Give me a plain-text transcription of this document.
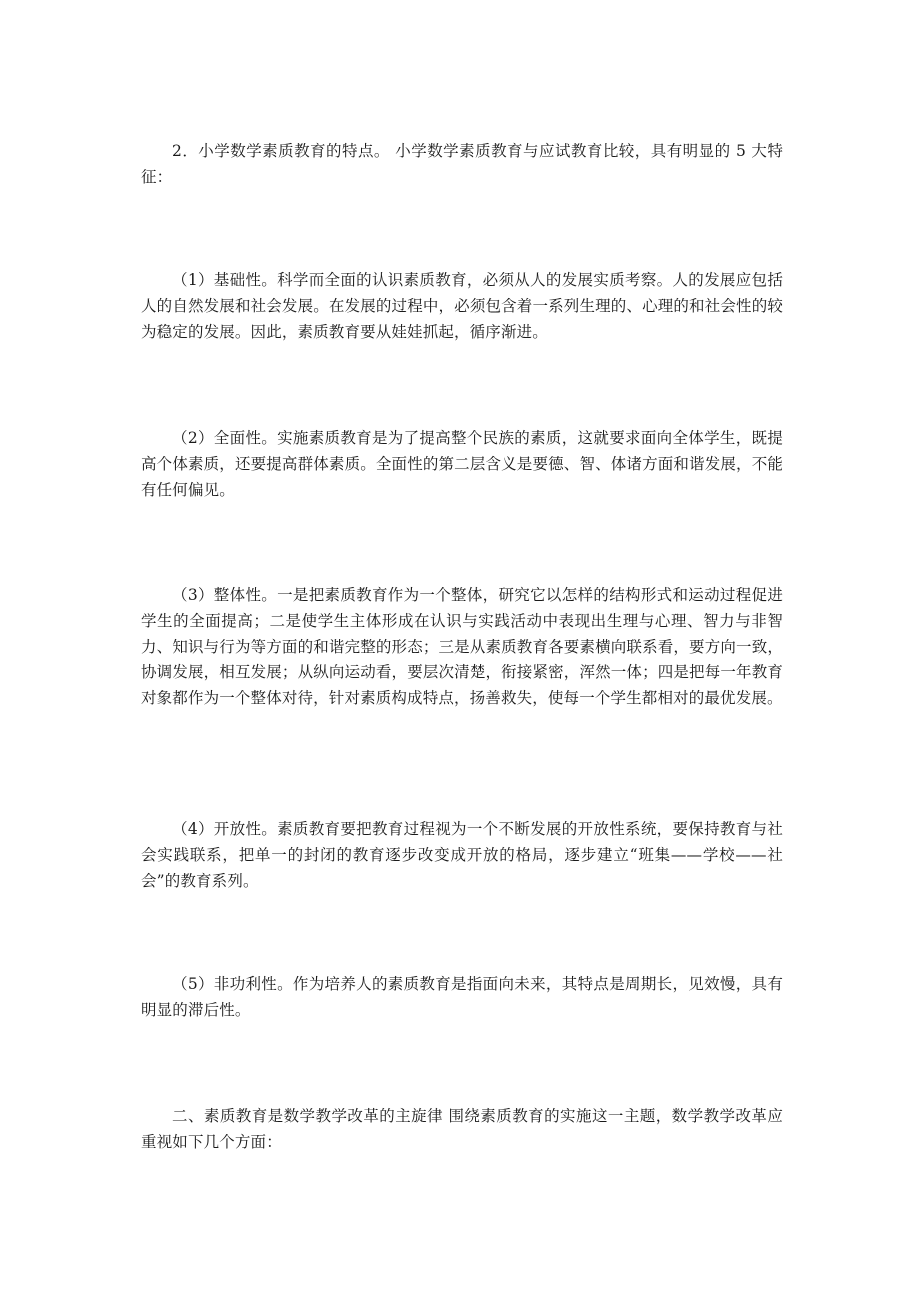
2．小学数学素质教育的特点。 小学数学素质教育与应试教育比较，具有明显的 5 大特征：

（1）基础性。科学而全面的认识素质教育，必须从人的发展实质考察。人的发展应包括人的自然发展和社会发展。在发展的过程中，必须包含着一系列生理的、心理的和社会性的较为稳定的发展。因此，素质教育要从娃娃抓起，循序渐进。

（2）全面性。实施素质教育是为了提高整个民族的素质，这就要求面向全体学生，既提高个体素质，还要提高群体素质。全面性的第二层含义是要德、智、体诸方面和谐发展，不能有任何偏见。

（3）整体性。一是把素质教育作为一个整体，研究它以怎样的结构形式和运动过程促进学生的全面提高；二是使学生主体形成在认识与实践活动中表现出生理与心理、智力与非智力、知识与行为等方面的和谐完整的形态；三是从素质教育各要素横向联系看，要方向一致，协调发展，相互发展；从纵向运动看，要层次清楚，衔接紧密，浑然一体；四是把每一年教育对象都作为一个整体对待，针对素质构成特点，扬善救失，使每一个学生都相对的最优发展。

（4）开放性。素质教育要把教育过程视为一个不断发展的开放性系统，要保持教育与社会实践联系，把单一的封闭的教育逐步改变成开放的格局，逐步建立“班集——学校——社会”的教育系列。

（5）非功利性。作为培养人的素质教育是指面向未来，其特点是周期长，见效慢，具有明显的滞后性。

二、素质教育是数学教学改革的主旋律 围绕素质教育的实施这一主题，数学教学改革应重视如下几个方面：
